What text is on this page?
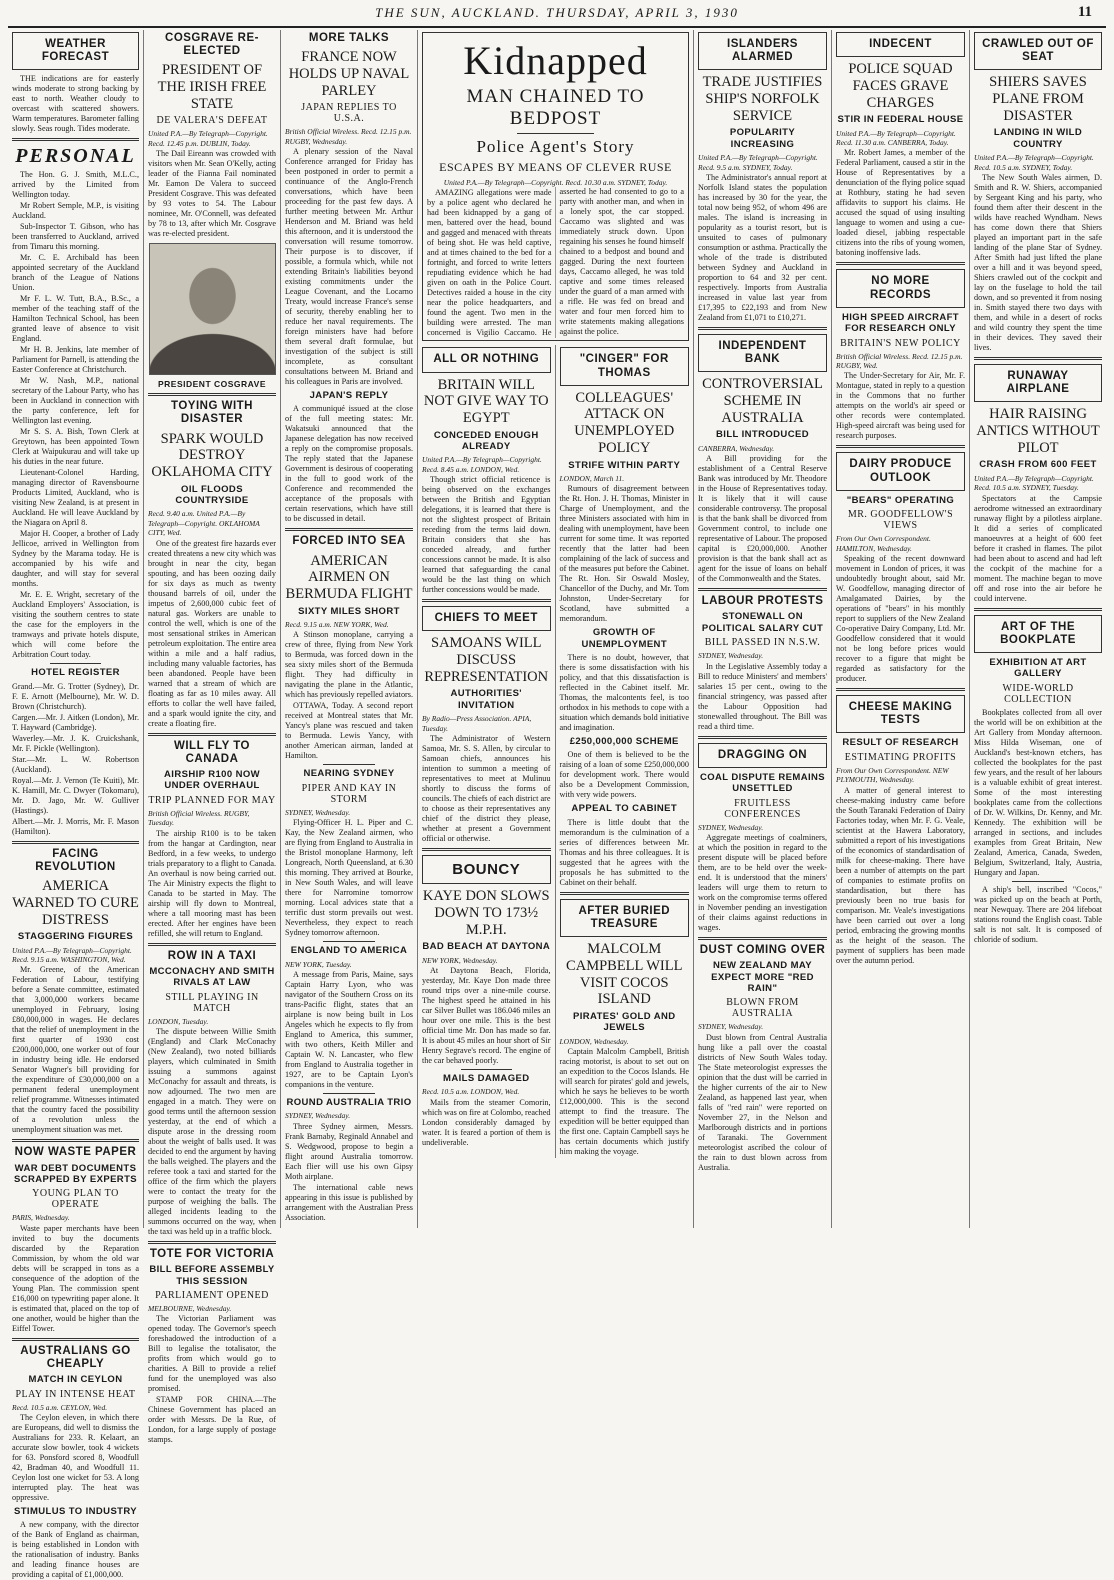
THE SUN, AUCKLAND. THURSDAY, APRIL 3, 1930	11
WEATHER FORECAST

THE indications are for easterly winds moderate to strong backing by east to north. Weather cloudy to overcast with scattered showers. Warm temperatures. Barometer falling slowly. Seas rough. Tides moderate.

PERSONAL

The Hon. G. J. Smith, M.L.C., arrived by the Limited from Wellington today.

Mr Robert Semple, M.P., is visiting Auckland.

Sub-Inspector T. Gibson, who has been transferred to Auckland, arrived from Timaru this morning.

Mr. C. E. Archibald has been appointed secretary of the Auckland branch of the League of Nations Union.

Mr F. L. W. Tutt, B.A., B.Sc., a member of the teaching staff of the Hamilton Technical School, has been granted leave of absence to visit England.

Mr H. B. Jenkins, late member of Parliament for Parnell, is attending the Easter Conference at Christchurch.

Mr W. Nash, M.P., national secretary of the Labour Party, who has been in Auckland in connection with the party conference, left for Wellington last evening.

Mr S. S. A. Bish, Town Clerk at Greytown, has been appointed Town Clerk at Waipukurau and will take up his duties in the near future.

Lieutenant-Colonel Harding, managing director of Ravensbourne Products Limited, Auckland, who is visiting New Zealand, is at present in Auckland. He will leave Auckland by the Niagara on April 8.

Major H. Cooper, a brother of Lady Jellicoe, arrived in Wellington from Sydney by the Marama today. He is accompanied by his wife and daughter, and will stay for several months.

Mr. E. E. Wright, secretary of the Auckland Employers' Association, is visiting the southern centres to state the case for the employers in the tramways and private hotels dispute, which will come before the Arbitration Court today.

HOTEL REGISTER

Grand.—Mr. G. Trotter (Sydney), Dr. F. E. Arnott (Melbourne), Mr. W. D. Brown (Christchurch).

Cargen.—Mr. J. Aitken (London), Mr. T. Hayward (Cambridge).

Waverley.—Mr. J. K. Cruickshank, Mr. F. Pickle (Wellington).

Star.—Mr. L. W. Robertson (Auckland).

Royal.—Mr. J. Vernon (Te Kuiti), Mr. K. Hamill, Mr. C. Dwyer (Tokomaru), Mr. D. Jago, Mr. W. Gulliver (Hastings).

Albert.—Mr. J. Morris, Mr. F. Mason (Hamilton).

FACING REVOLUTION
AMERICA WARNED TO CURE DISTRESS
STAGGERING FIGURES
United P.A.—By Telegraph—Copyright. Recd. 9.15 a.m. WASHINGTON, Wed.

Mr. Greene, of the American Federation of Labour, testifying before a Senate committee, estimated that 3,000,000 workers became unemployed in February, losing £80,000,000 in wages. He declares that the relief of unemployment in the first quarter of 1930 cost £200,000,000, one worker out of four in industry being idle. He endorsed Senator Wagner's bill providing for the expenditure of £30,000,000 on a permanent federal unemployment relief programme. Witnesses intimated that the country faced the possibility of a revolution unless the unemployment situation was met.

NOW WASTE PAPER
WAR DEBT DOCUMENTS SCRAPPED BY EXPERTS
YOUNG PLAN TO OPERATE
PARIS, Wednesday.

Waste paper merchants have been invited to buy the documents discarded by the Reparation Commission, by whom the old war debts will be scrapped in tons as a consequence of the adoption of the Young Plan. The commission spent £16,000 on typewriting paper alone. It is estimated that, placed on the top of one another, would be higher than the Eiffel Tower.

AUSTRALIANS GO CHEAPLY
MATCH IN CEYLON
PLAY IN INTENSE HEAT
Recd. 10.5 a.m. CEYLON, Wed.

The Ceylon eleven, in which there are Europeans, did well to dismiss the Australians for 233. R. Kelaart, an accurate slow bowler, took 4 wickets for 63. Ponsford scored 8, Woodfull 42, Bradman 40, and Woodfull 11. Ceylon lost one wicket for 53. A long interrupted play. The heat was oppressive.

STIMULUS TO INDUSTRY

A new company, with the director of the Bank of England as chairman, is being established in London with the rationalisation of industry. Banks and leading finance houses are providing a capital of £1,000,000.

COSGRAVE RE-ELECTED
PRESIDENT OF THE IRISH FREE STATE
DE VALERA'S DEFEAT
United P.A.—By Telegraph—Copyright. Recd. 12.45 p.m. DUBLIN, Today.

The Dail Eireann was crowded with visitors when Mr. Sean O'Kelly, acting leader of the Fianna Fail nominated Mr. Eamon De Valera to succeed President Cosgrave. This was defeated by 93 votes to 54. The Labour nominee, Mr. O'Connell, was defeated by 78 to 13, after which Mr. Cosgrave was re-elected president.

PRESIDENT COSGRAVE
TOYING WITH DISASTER
SPARK WOULD DESTROY OKLAHOMA CITY
OIL FLOODS COUNTRYSIDE
Recd. 9.40 a.m. United P.A.—By Telegraph—Copyright. OKLAHOMA CITY, Wed.

One of the greatest fire hazards ever created threatens a new city which was brought in near the city, began spouting, and has been oozing daily for six days as much as twenty thousand barrels of oil, under the impetus of 2,600,000 cubic feet of natural gas. Workers are unable to control the well, which is one of the most sensational strikes in American petroleum exploitation. The entire area within a mile and a half radius, including many valuable factories, has been abandoned. People have been warned that a stream of which are floating as far as 10 miles away. All efforts to collar the well have failed, and a spark would ignite the city, and create a floating fire.

WILL FLY TO CANADA
AIRSHIP R100 NOW UNDER OVERHAUL
TRIP PLANNED FOR MAY
British Official Wireless. RUGBY, Tuesday.

The airship R100 is to be taken from the hangar at Cardington, near Bedford, in a few weeks, to undergo trials preparatory to a flight to Canada. An overhaul is now being carried out. The Air Ministry expects the flight to Canada to be started in May. The airship will fly down to Montreal, where a tall mooring mast has been erected. After her engines have been refilled, she will return to England.

ROW IN A TAXI
MCCONACHY AND SMITH RIVALS AT LAW
STILL PLAYING IN MATCH
LONDON, Tuesday.

The dispute between Willie Smith (England) and Clark McConachy (New Zealand), two noted billiards players, which culminated in Smith issuing a summons against McConachy for assault and threats, is now adjourned. The two men are engaged in a match. They were on good terms until the afternoon session yesterday, at the end of which a dispute arose in the dressing room about the weight of balls used. It was decided to end the argument by having the balls weighed. The players and the referee took a taxi and started for the office of the firm which the players were to contact the treaty for the purpose of weighing the balls. The alleged incidents leading to the summons occurred on the way, when the taxi was held up in a traffic block.

TOTE FOR VICTORIA
BILL BEFORE ASSEMBLY THIS SESSION
PARLIAMENT OPENED
MELBOURNE, Wednesday.

The Victorian Parliament was opened today. The Governor's speech foreshadowed the introduction of a Bill to legalise the totalisator, the profits from which would go to charities. A Bill to provide a relief fund for the unemployed was also promised.

STAMP FOR CHINA.—The Chinese Government has placed an order with Messrs. De la Rue, of London, for a large supply of postage stamps.

MORE TALKS
FRANCE NOW HOLDS UP NAVAL PARLEY
JAPAN REPLIES TO U.S.A.
British Official Wireless. Recd. 12.15 p.m. RUGBY, Wednesday.

A plenary session of the Naval Conference arranged for Friday has been postponed in order to permit a continuance of the Anglo-French conversations, which have been proceeding for the past few days. A further meeting between Mr. Arthur Henderson and M. Briand was held this afternoon, and it is understood the conversation will resume tomorrow. Their purpose is to discover, if possible, a formula which, while not extending Britain's liabilities beyond existing commitments under the League Covenant, and the Locarno Treaty, would increase France's sense of security, thereby enabling her to reduce her naval requirements. The foreign ministers have had before them several draft formulae, but investigation of the subject is still incomplete, as consultant consultations between M. Briand and his colleagues in Paris are involved.

JAPAN'S REPLY

A communiqué issued at the close of the full meeting states: Mr. Wakatsuki announced that the Japanese delegation has now received a reply on the compromise proposals. The reply stated that the Japanese Government is desirous of cooperating in the full to good work of the Conference and recommended the acceptance of the proposals with certain reservations, which have still to be discussed in detail.

FORCED INTO SEA
AMERICAN AIRMEN ON BERMUDA FLIGHT
SIXTY MILES SHORT
Recd. 9.15 a.m. NEW YORK, Wed.

A Stinson monoplane, carrying a crew of three, flying from New York to Bermuda, was forced down in the sea sixty miles short of the Bermuda flight. They had difficulty in navigating the plane in the Atlantic, which has previously repelled aviators.

OTTAWA, Today. A second report received at Montreal states that Mr. Yancy's plane was rescued and taken to Bermuda. Lewis Yancy, with another American airman, landed at Hamilton.

NEARING SYDNEY
PIPER AND KAY IN STORM
SYDNEY, Wednesday.

Flying-Officer H. L. Piper and C. Kay, the New Zealand airmen, who are flying from England to Australia in the Bristol monoplane Harmony, left Longreach, North Queensland, at 6.30 this morning. They arrived at Bourke, in New South Wales, and will leave there for Narromine tomorrow morning. Local advices state that a terrific dust storm prevails out west. Nevertheless, they expect to reach Sydney tomorrow afternoon.

ENGLAND TO AMERICA
NEW YORK, Tuesday.

A message from Paris, Maine, says Captain Harry Lyon, who was navigator of the Southern Cross on its trans-Pacific flight, states that an airplane is now being built in Los Angeles which he expects to fly from England to America, this summer, with two others, Keith Miller and Captain W. N. Lancaster, who flew from England to Australia together in 1927, are to be Captain Lyon's companions in the venture.

ROUND AUSTRALIA TRIO
SYDNEY, Wednesday.

Three Sydney airmen, Messrs. Frank Barnaby, Reginald Annabel and S. Wedgwood, propose to begin a flight around Australia tomorrow. Each flier will use his own Gipsy Moth airplane.

The international cable news appearing in this issue is published by arrangement with the Australian Press Association.

Kidnapped
MAN CHAINED TO BEDPOST
Police Agent's Story
ESCAPES BY MEANS OF CLEVER RUSE
United P.A.—By Telegraph—Copyright. Recd. 10.30 a.m. SYDNEY, Today.

AMAZING allegations were made by a police agent who declared he had been kidnapped by a gang of men, battered over the head, bound and gagged and menaced with threats of being shot. He was held captive, and at times chained to the bed for a fortnight, and forced to write letters repudiating evidence which he had given on oath in the Police Court. Detectives raided a house in the city near the police headquarters, and found the agent. Two men in the building were arrested. The man concerned is Vigilio Caccamo. He asserted he had consented to go to a party with another man, and when in a lonely spot, the car stopped. Caccamo was slighted and was immediately struck down. Upon regaining his senses he found himself chained to a bedpost and bound and gagged. During the next fourteen days, Caccamo alleged, he was told captive and some times released under the guard of a man armed with a rifle. He was fed on bread and water and four men forced him to write statements making allegations against the police.

ALL OR NOTHING
BRITAIN WILL NOT GIVE WAY TO EGYPT
CONCEDED ENOUGH ALREADY
United P.A.—By Telegraph—Copyright. Recd. 8.45 a.m. LONDON, Wed.

Though strict official reticence is being observed on the exchanges between the British and Egyptian delegations, it is learned that there is not the slightest prospect of Britain receding from the terms laid down. Britain considers that she has conceded already, and further concessions cannot be made. It is also learned that safeguarding the canal would be the last thing on which further concessions would be made.

CHIEFS TO MEET
SAMOANS WILL DISCUSS REPRESENTATION
AUTHORITIES' INVITATION
By Radio—Press Association. APIA, Tuesday.

The Administrator of Western Samoa, Mr. S. S. Allen, by circular to Samoan chiefs, announces his intention to summon a meeting of representatives to meet at Mulinuu shortly to discuss the forms of councils. The chiefs of each district are to choose as their representatives any chief of the district they please, whether at present a Government official or otherwise.

BOUNCY
KAYE DON SLOWS DOWN TO 173½ M.P.H.
BAD BEACH AT DAYTONA
NEW YORK, Wednesday.

At Daytona Beach, Florida, yesterday, Mr. Kaye Don made three round trips over a nine-mile course. The highest speed he attained in his car Silver Bullet was 186.046 miles an hour over one mile. This is the best official time Mr. Don has made so far. It is about 45 miles an hour short of Sir Henry Segrave's record. The engine of the car behaved poorly.

MAILS DAMAGED
Recd. 10.5 a.m. LONDON, Wed.

Mails from the steamer Comorin, which was on fire at Colombo, reached London considerably damaged by water. It is feared a portion of them is undeliverable.

"CINGER" FOR THOMAS
COLLEAGUES' ATTACK ON UNEMPLOYED POLICY
STRIFE WITHIN PARTY
LONDON, March 11.

Rumours of disagreement between the Rt. Hon. J. H. Thomas, Minister in Charge of Unemployment, and the three Ministers associated with him in dealing with unemployment, have been current for some time. It was reported recently that the latter had been complaining of the lack of success and of the measures put before the Cabinet. The Rt. Hon. Sir Oswald Mosley, Chancellor of the Duchy, and Mr. Tom Johnston, Under-Secretary for Scotland, have submitted a memorandum.

GROWTH OF UNEMPLOYMENT

There is no doubt, however, that there is some dissatisfaction with his policy, and that this dissatisfaction is reflected in the Cabinet itself. Mr. Thomas, the malcontents feel, is too orthodox in his methods to cope with a situation which demands bold initiative and imagination.

£250,000,000 SCHEME

One of them is believed to be the raising of a loan of some £250,000,000 for development work. There would also be a Development Commission, with very wide powers.

APPEAL TO CABINET

There is little doubt that the memorandum is the culmination of a series of differences between Mr. Thomas and his three colleagues. It is suggested that he agrees with the proposals he has submitted to the Cabinet on their behalf.

AFTER BURIED TREASURE
MALCOLM CAMPBELL WILL VISIT COCOS ISLAND
PIRATES' GOLD AND JEWELS
LONDON, Wednesday.

Captain Malcolm Campbell, British racing motorist, is about to set out on an expedition to the Cocos Islands. He will search for pirates' gold and jewels, which he says he believes to be worth £12,000,000. This is the second attempt to find the treasure. The expedition will be better equipped than the first one. Captain Campbell says he has certain documents which justify him making the voyage.

ISLANDERS ALARMED
TRADE JUSTIFIES SHIP'S NORFOLK SERVICE
POPULARITY INCREASING
United P.A.—By Telegraph—Copyright. Recd. 9.5 a.m. SYDNEY, Today.

The Administrator's annual report at Norfolk Island states the population has increased by 30 for the year, the total now being 952, of whom 496 are males. The island is increasing in popularity as a tourist resort, but is unsuited to cases of pulmonary consumption or asthma. Practically the whole of the trade is distributed between Sydney and Auckland in proportion to 64 and 32 per cent. respectively. Imports from Australia increased in value last year from £17,395 to £22,193 and from New Zealand from £1,071 to £10,271.

INDEPENDENT BANK
CONTROVERSIAL SCHEME IN AUSTRALIA
BILL INTRODUCED
CANBERRA, Wednesday.

A Bill providing for the establishment of a Central Reserve Bank was introduced by Mr. Theodore in the House of Representatives today. It is likely that it will cause considerable controversy. The proposal is that the bank shall be divorced from Government control, to include one representative of Labour. The proposed capital is £20,000,000. Another provision is that the bank shall act as agent for the issue of loans on behalf of the Commonwealth and the States.

LABOUR PROTESTS
STONEWALL ON POLITICAL SALARY CUT
BILL PASSED IN N.S.W.
SYDNEY, Wednesday.

In the Legislative Assembly today a Bill to reduce Ministers' and members' salaries 15 per cent., owing to the financial stringency, was passed after the Labour Opposition had stonewalled throughout. The Bill was read a third time.

DRAGGING ON
COAL DISPUTE REMAINS UNSETTLED
FRUITLESS CONFERENCES
SYDNEY, Wednesday.

Aggregate meetings of coalminers, at which the position in regard to the present dispute will be placed before them, are to be held over the week-end. It is understood that the miners' leaders will urge them to return to work on the compromise terms offered in November pending an investigation of their claims against reductions in wages.

DUST COMING OVER
NEW ZEALAND MAY EXPECT MORE "RED RAIN"
BLOWN FROM AUSTRALIA
SYDNEY, Wednesday.

Dust blown from Central Australia hung like a pall over the coastal districts of New South Wales today. The State meteorologist expresses the opinion that the dust will be carried in the higher currents of the air to New Zealand, as happened last year, when falls of "red rain" were reported on November 27, in the Nelson and Marlborough districts and in portions of Taranaki. The Government meteorologist ascribed the colour of the rain to dust blown across from Australia.

INDECENT
POLICE SQUAD FACES GRAVE CHARGES
STIR IN FEDERAL HOUSE
United P.A.—By Telegraph—Copyright. Recd. 11.30 a.m. CANBERRA, Today.

Mr. Robert James, a member of the Federal Parliament, caused a stir in the House of Representatives by a denunciation of the flying police squad at Rothbury, stating he had seven affidavits to support his claims. He accused the squad of using insulting language to women and using a cue-loaded diesel, jabbing respectable citizens into the ribs of young women, batoning inoffensive lads.

NO MORE RECORDS
HIGH SPEED AIRCRAFT FOR RESEARCH ONLY
BRITAIN'S NEW POLICY
British Official Wireless. Recd. 12.15 p.m. RUGBY, Wed.

The Under-Secretary for Air, Mr. F. Montague, stated in reply to a question in the Commons that no further attempts on the world's air speed or other records were contemplated. High-speed aircraft was being used for research purposes.

DAIRY PRODUCE OUTLOOK
"BEARS" OPERATING
MR. GOODFELLOW'S VIEWS
From Our Own Correspondent. HAMILTON, Wednesday.

Speaking of the recent downward movement in London of prices, it was undoubtedly brought about, said Mr. W. Goodfellow, managing director of Amalgamated Dairies, by the operations of "bears" in his monthly report to suppliers of the New Zealand Co-operative Dairy Company, Ltd. Mr. Goodfellow considered that it would not be long before prices would recover to a figure that might be regarded as satisfactory for the producer.

CHEESE MAKING TESTS
RESULT OF RESEARCH
ESTIMATING PROFITS
From Our Own Correspondent. NEW PLYMOUTH, Wednesday.

A matter of general interest to cheese-making industry came before the South Taranaki Federation of Dairy Factories today, when Mr. F. G. Veale, scientist at the Hawera Laboratory, submitted a report of his investigations of the economics of standardisation of milk for cheese-making. There have been a number of attempts on the part of companies to estimate profits on standardisation, but there has previously been no true basis for comparison. Mr. Veale's investigations have been carried out over a long period, embracing the growing months as the height of the season. The payment of suppliers has been made over the autumn period.

CRAWLED OUT OF SEAT
SHIERS SAVES PLANE FROM DISASTER
LANDING IN WILD COUNTRY
United P.A.—By Telegraph—Copyright. Recd. 10.5 a.m. SYDNEY, Today.

The New South Wales airmen, D. Smith and R. W. Shiers, accompanied by Sergeant King and his party, who found them after their descent in the wilds have reached Wyndham. News has come down there that Shiers played an important part in the safe landing of the plane Star of Sydney. After Smith had just lifted the plane over a hill and it was beyond speed, Shiers crawled out of the cockpit and lay on the fuselage to hold the tail down, and so prevented it from nosing in. Smith stayed there two days with them, and while in a desert of rocks and wild country they spent the time in their devices. They saved their lives.

RUNAWAY AIRPLANE
HAIR RAISING ANTICS WITHOUT PILOT
CRASH FROM 600 FEET
United P.A.—By Telegraph—Copyright. Recd. 10.5 a.m. SYDNEY, Tuesday.

Spectators at the Campsie aerodrome witnessed an extraordinary runaway flight by a pilotless airplane. It did a series of complicated manoeuvres at a height of 600 feet before it crashed in flames. The pilot had been about to ascend and had left the cockpit of the machine for a moment. The machine began to move off and rose into the air before he could intervene.

ART OF THE BOOKPLATE
EXHIBITION AT ART GALLERY
WIDE-WORLD COLLECTION

Bookplates collected from all over the world will be on exhibition at the Art Gallery from Monday afternoon. Miss Hilda Wiseman, one of Auckland's best-known etchers, has collected the bookplates for the past few years, and the result of her labours is a valuable exhibit of great interest. Some of the most interesting bookplates came from the collections of Dr. W. Wilkins, Dr. Kenny, and Mr. Kennedy. The exhibition will be arranged in sections, and includes examples from Great Britain, New Zealand, America, Canada, Sweden, Belgium, Switzerland, Italy, Austria, Hungary and Japan.

A ship's bell, inscribed "Cocos," was picked up on the beach at Porth, near Newquay. There are 204 lifeboat stations round the English coast. Table salt is not salt. It is composed of chloride of sodium.
